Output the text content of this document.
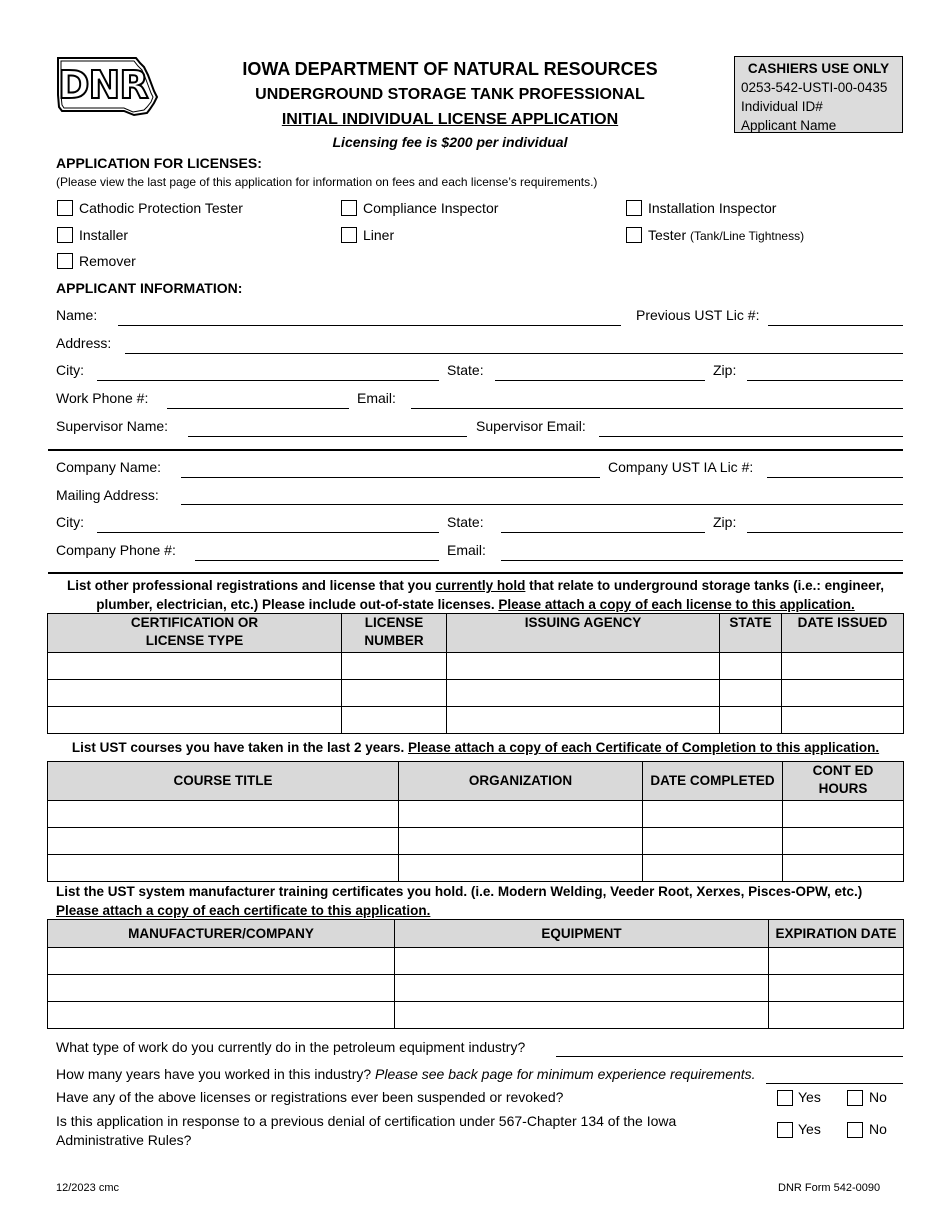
DNR	IOWA DEPARTMENT OF NATURAL RESOURCES
UNDERGROUND STORAGE TANK PROFESSIONAL
INITIAL INDIVIDUAL LICENSE APPLICATION
Licensing fee is $200 per individual
CASHIERS USE ONLY
0253-542-USTI-00-0435
Individual ID#
Applicant Name
APPLICATION FOR LICENSES:
(Please view the last page of this application for information on fees and each license’s requirements.)
Cathodic Protection Tester	Compliance Inspector	Installation Inspector
Installer	Liner	Tester (Tank/Line Tightness)
Remover
APPLICANT INFORMATION:
Name:	Previous UST Lic #:
Address:
City:	State:	Zip:
Work Phone #:	Email:
Supervisor Name:	Supervisor Email:
Company Name:	Company UST IA Lic #:
Mailing Address:
City:	State:	Zip:
Company Phone #:	Email:
List other professional registrations and license that you currently hold that relate to underground storage tanks (i.e.: engineer,
plumber, electrician, etc.) Please include out-of-state licenses. Please attach a copy of each license to this application.
CERTIFICATION OR
LICENSE TYPE	LICENSE
NUMBER	ISSUING AGENCY	STATE	DATE ISSUED

List UST courses you have taken in the last 2 years. Please attach a copy of each Certificate of Completion to this application.
COURSE TITLE	ORGANIZATION	DATE COMPLETED	CONT ED
HOURS

List the UST system manufacturer training certificates you hold. (i.e. Modern Welding, Veeder Root, Xerxes, Pisces-OPW, etc.)
Please attach a copy of each certificate to this application.
MANUFACTURER/COMPANY	EQUIPMENT	EXPIRATION DATE

What type of work do you currently do in the petroleum equipment industry?
How many years have you worked in this industry? Please see back page for minimum experience requirements.
Have any of the above licenses or registrations ever been suspended or revoked?	Yes	No
Is this application in response to a previous denial of certification under 567-Chapter 134 of the Iowa
Administrative Rules?
Yes	No
12/2023 cmc	DNR Form 542-0090
